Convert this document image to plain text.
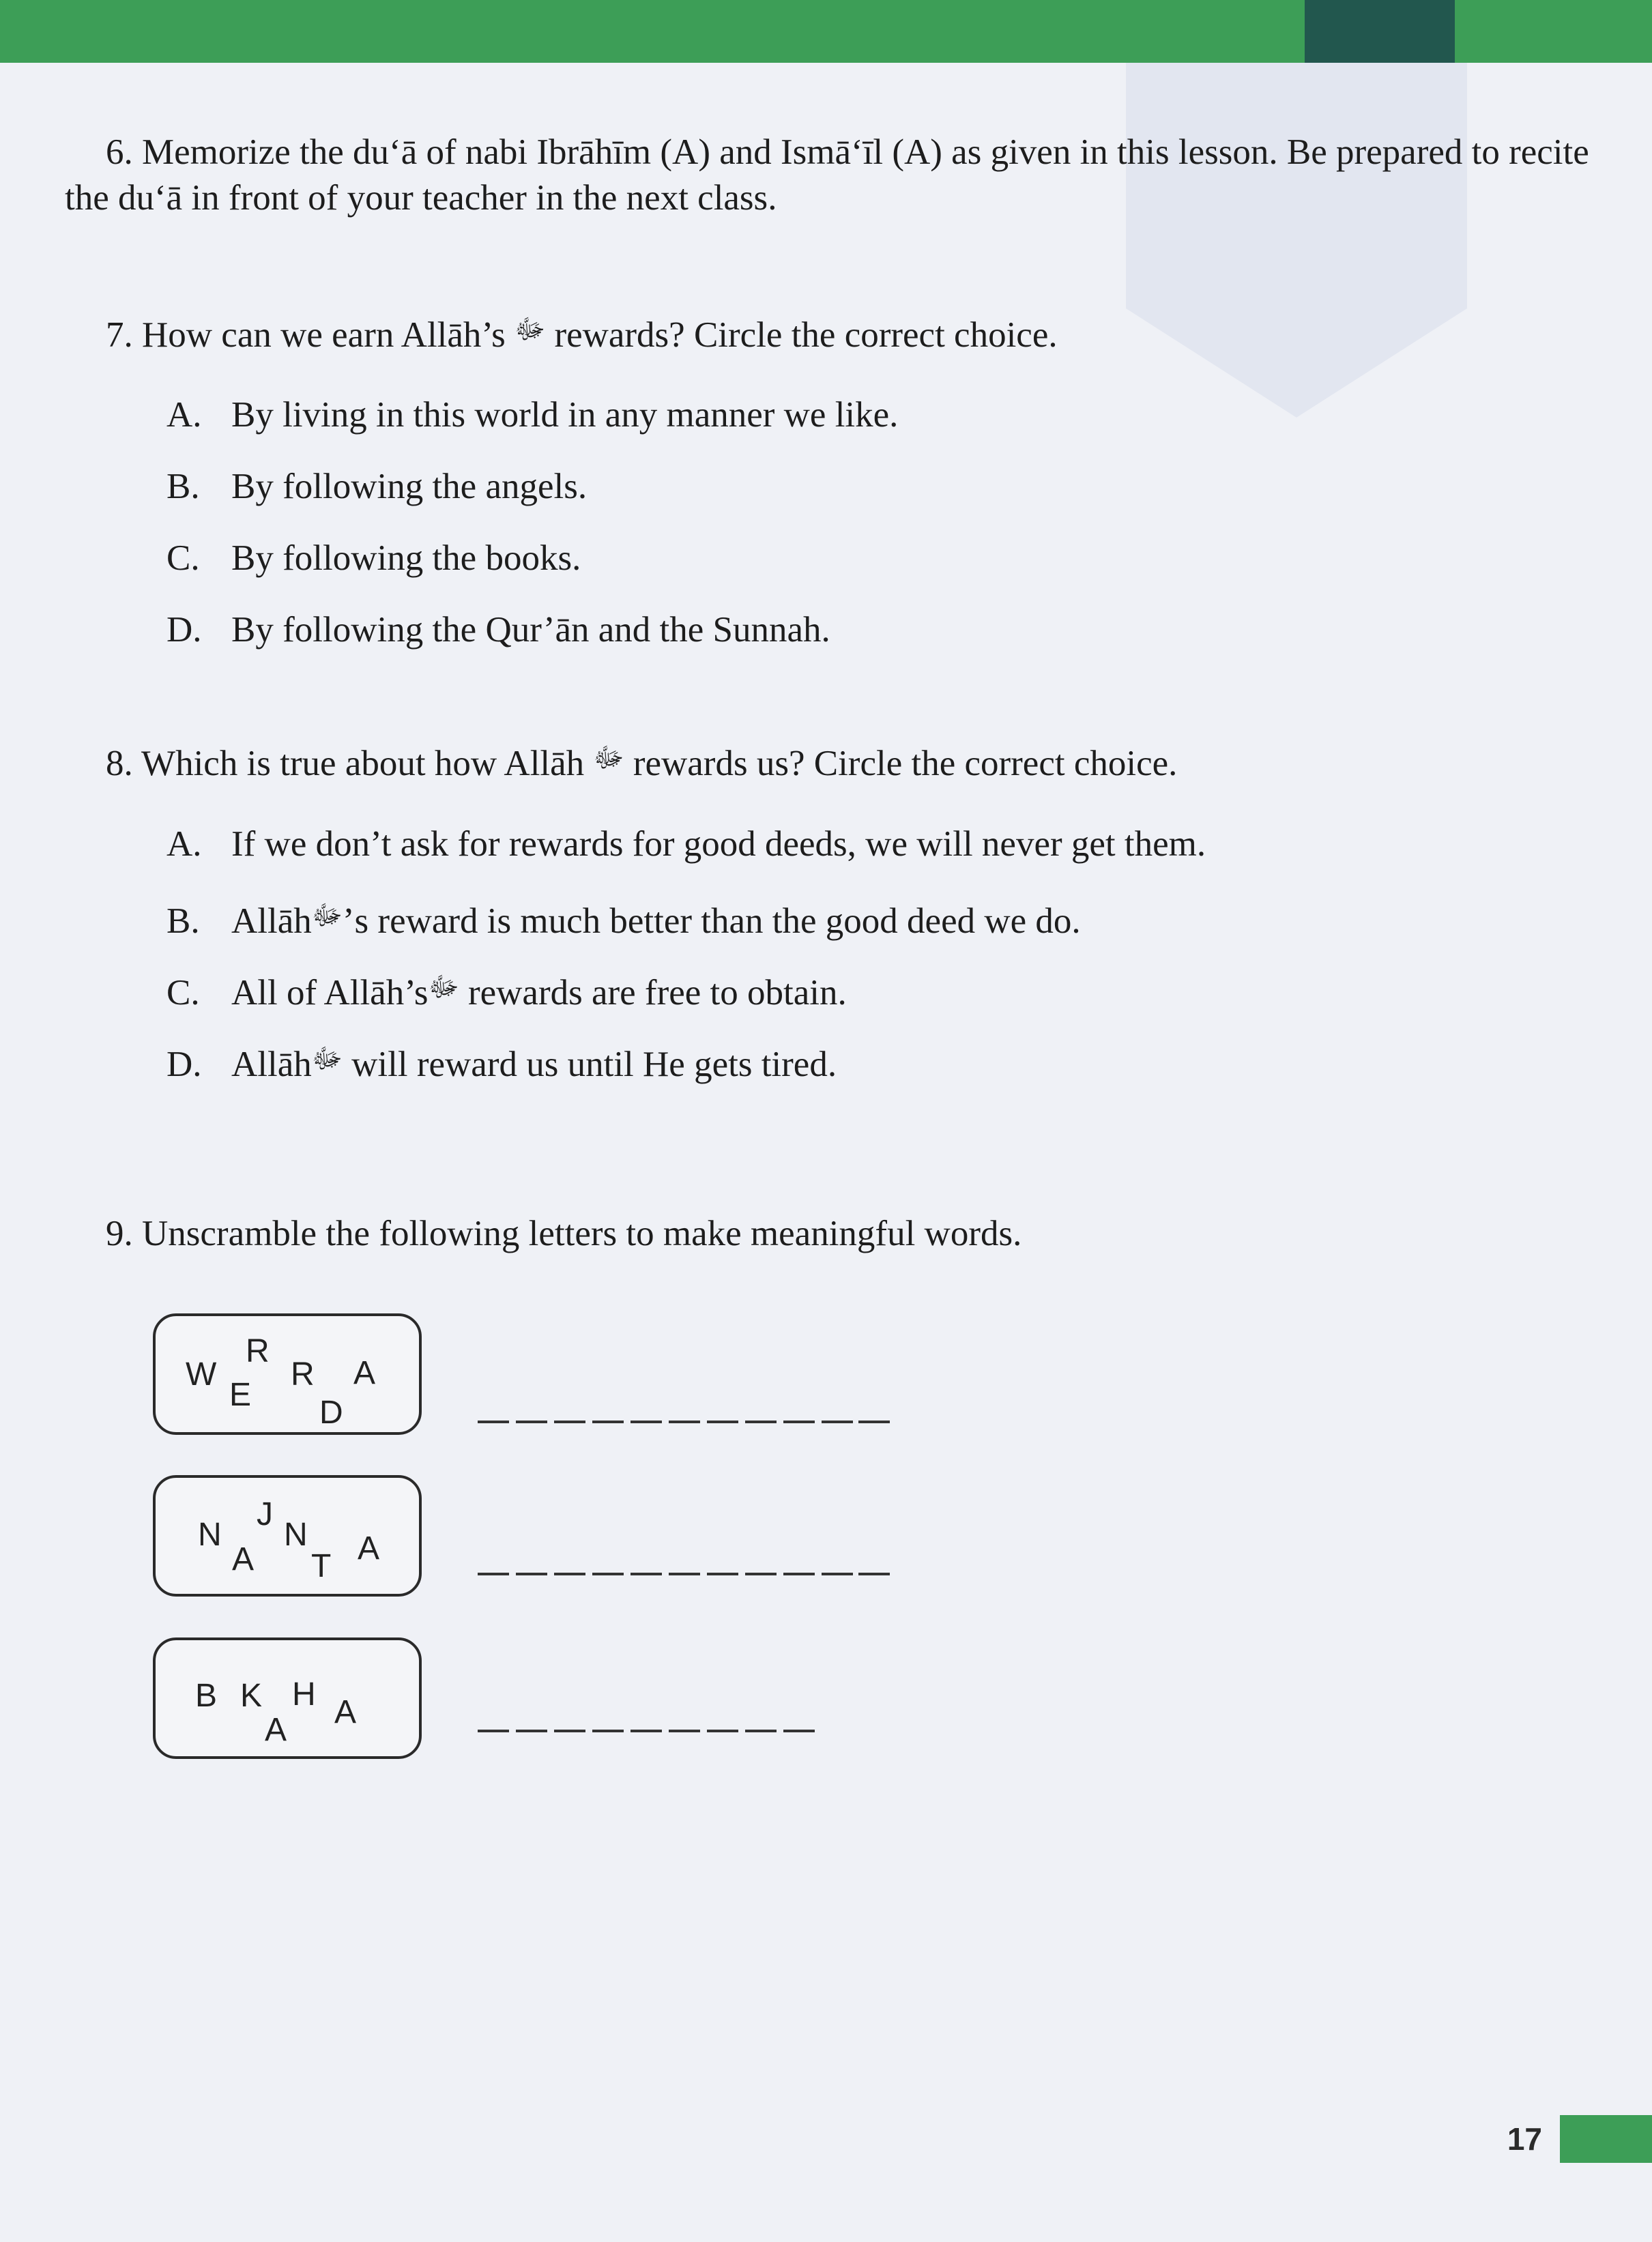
6. Memorize the du‘ā of nabi Ibrāhīm (A) and Ismā‘īl (A) as given in this lesson. Be prepared to recite the du‘ā in front of your teacher in the next class.
7. How can we earn Allāh’s $^ﷻ$ rewards? Circle the correct choice.
A. By living in this world in any manner we like.
B. By following the angels.
C. By following the books.
D. By following the Qur’ān and the Sunnah.
8. Which is true about how Allāh $^ﷻ$ rewards us? Circle the correct choice.
A. If we don’t ask for rewards for good deeds, we will never get them.
B. Allāh$^ﷻ$’s reward is much better than the good deed we do.
C. All of $Allāh’s^ﷻ$ rewards are free to obtain.
D. Allāh$^ﷻ$ will reward us until He gets tired.
9. Unscramble the following letters to make meaningful words.
W
E
R
R A
D
N
A
J
N
T A
B K
A
H A
17
